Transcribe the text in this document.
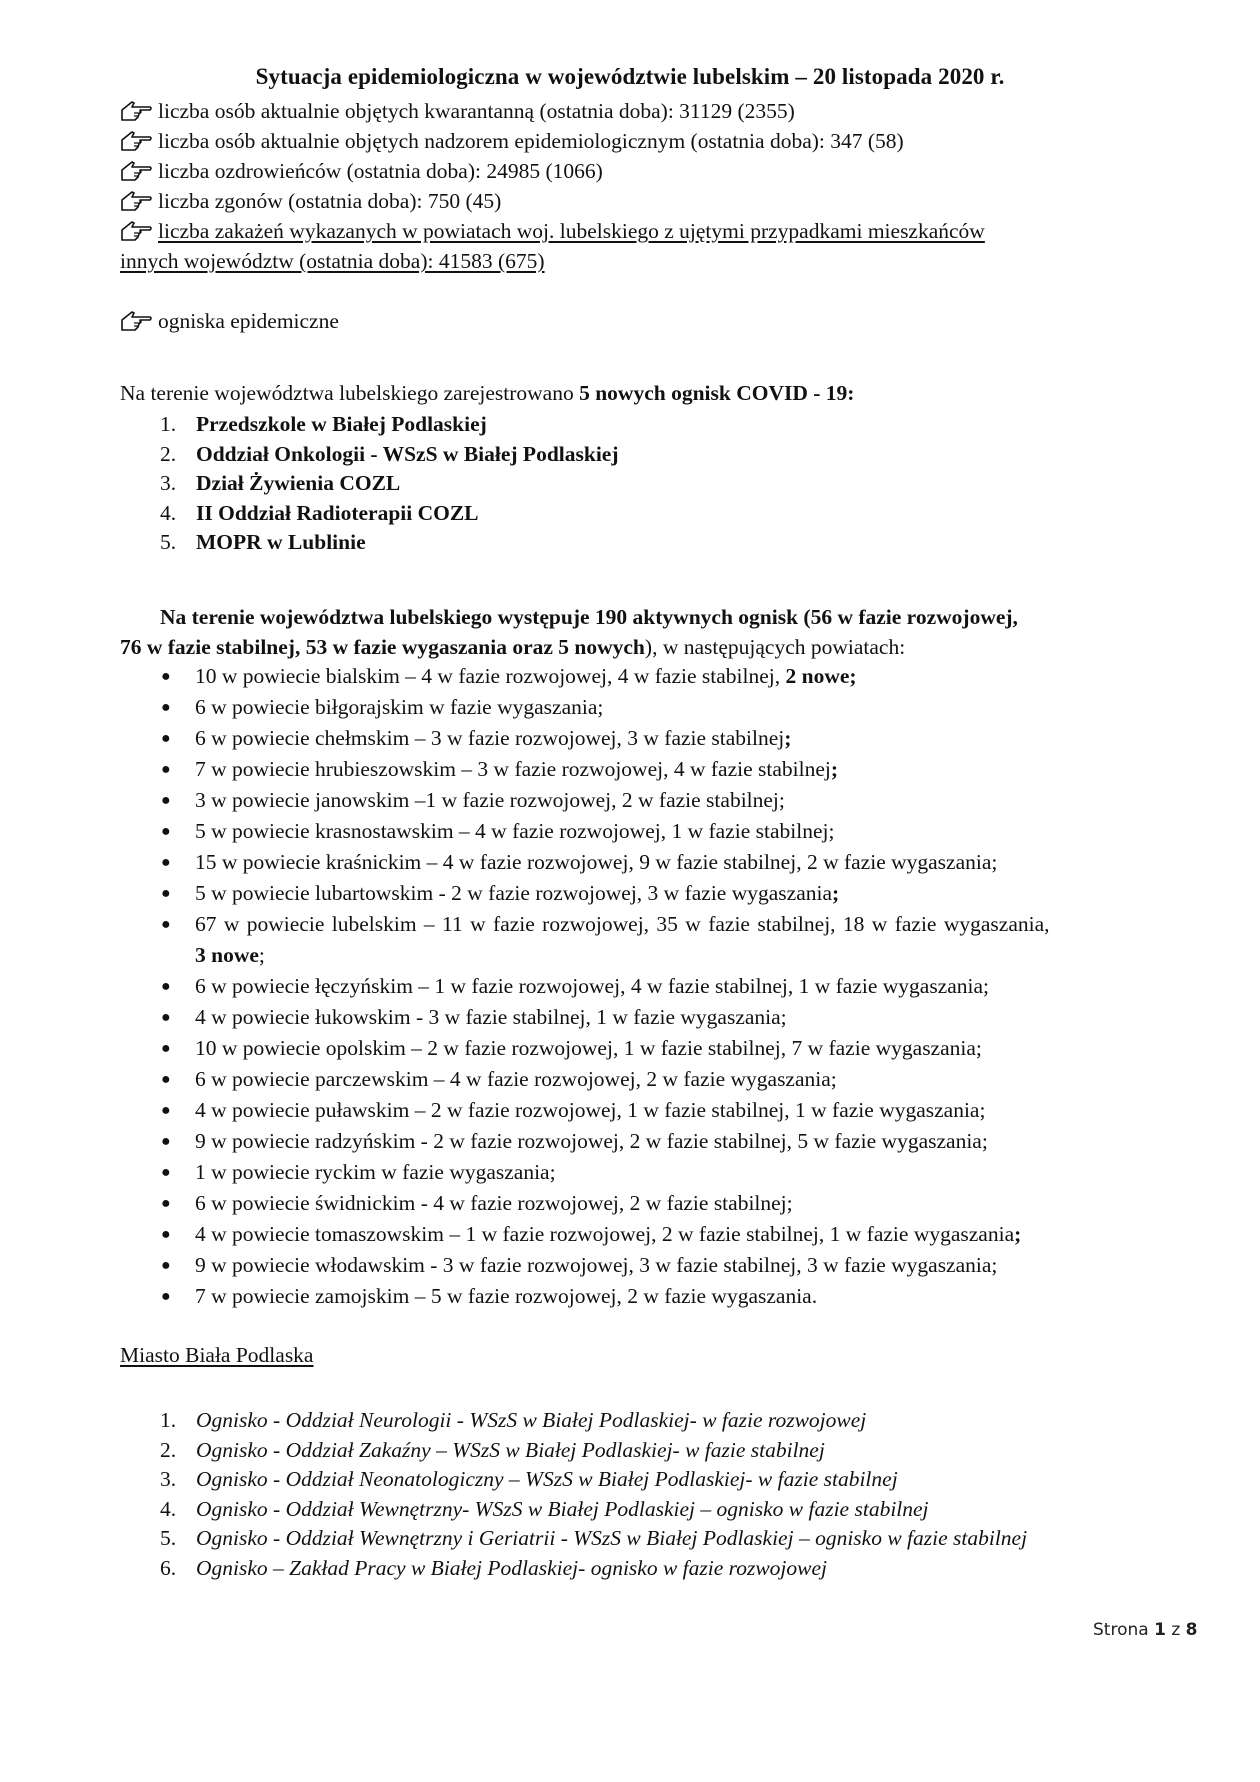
Sytuacja epidemiologiczna w województwie lubelskim – 20 listopada 2020 r.
liczba osób aktualnie objętych kwarantanną (ostatnia doba): 31129 (2355)
liczba osób aktualnie objętych nadzorem epidemiologicznym (ostatnia doba): 347 (58)
liczba ozdrowieńców (ostatnia doba): 24985 (1066)
liczba zgonów (ostatnia doba): 750 (45)
liczba zakażeń wykazanych w powiatach woj. lubelskiego z ujętymi przypadkami mieszkańców
innych województw (ostatnia doba): 41583 (675)
ogniska epidemiczne
Na terenie województwa lubelskiego zarejestrowano 5 nowych ognisk COVID - 19:
1. Przedszkole w Białej Podlaskiej
2. Oddział Onkologii - WSzS w Białej Podlaskiej
3. Dział Żywienia COZL
4. II Oddział Radioterapii COZL
5. MOPR w Lublinie
Na terenie województwa lubelskiego występuje 190 aktywnych ognisk (56 w fazie rozwojowej,
76 w fazie stabilnej, 53 w fazie wygaszania oraz 5 nowych), w następujących powiatach:
● 10 w powiecie bialskim – 4 w fazie rozwojowej, 4 w fazie stabilnej, 2 nowe;
● 6 w powiecie biłgorajskim w fazie wygaszania;
● 6 w powiecie chełmskim – 3 w fazie rozwojowej, 3 w fazie stabilnej;
● 7 w powiecie hrubieszowskim – 3 w fazie rozwojowej, 4 w fazie stabilnej;
● 3 w powiecie janowskim –1 w fazie rozwojowej, 2 w fazie stabilnej;
● 5 w powiecie krasnostawskim – 4 w fazie rozwojowej, 1 w fazie stabilnej;
● 15 w powiecie kraśnickim – 4 w fazie rozwojowej, 9 w fazie stabilnej, 2 w fazie wygaszania;
● 5 w powiecie lubartowskim - 2 w fazie rozwojowej, 3 w fazie wygaszania;
● 67 w powiecie lubelskim – 11 w fazie rozwojowej, 35 w fazie stabilnej, 18 w fazie wygaszania,
3 nowe;
● 6 w powiecie łęczyńskim – 1 w fazie rozwojowej, 4 w fazie stabilnej, 1 w fazie wygaszania;
● 4 w powiecie łukowskim - 3 w fazie stabilnej, 1 w fazie wygaszania;
● 10 w powiecie opolskim – 2 w fazie rozwojowej, 1 w fazie stabilnej, 7 w fazie wygaszania;
● 6 w powiecie parczewskim – 4 w fazie rozwojowej, 2 w fazie wygaszania;
● 4 w powiecie puławskim – 2 w fazie rozwojowej, 1 w fazie stabilnej, 1 w fazie wygaszania;
● 9 w powiecie radzyńskim - 2 w fazie rozwojowej, 2 w fazie stabilnej, 5 w fazie wygaszania;
● 1 w powiecie ryckim w fazie wygaszania;
● 6 w powiecie świdnickim - 4 w fazie rozwojowej, 2 w fazie stabilnej;
● 4 w powiecie tomaszowskim – 1 w fazie rozwojowej, 2 w fazie stabilnej, 1 w fazie wygaszania;
● 9 w powiecie włodawskim - 3 w fazie rozwojowej, 3 w fazie stabilnej, 3 w fazie wygaszania;
● 7 w powiecie zamojskim – 5 w fazie rozwojowej, 2 w fazie wygaszania.
Miasto Biała Podlaska
1. Ognisko - Oddział Neurologii - WSzS w Białej Podlaskiej- w fazie rozwojowej
2. Ognisko - Oddział Zakaźny – WSzS w Białej Podlaskiej- w fazie stabilnej
3. Ognisko - Oddział Neonatologiczny – WSzS w Białej Podlaskiej- w fazie stabilnej
4. Ognisko - Oddział Wewnętrzny- WSzS w Białej Podlaskiej – ognisko w fazie stabilnej
5. Ognisko - Oddział Wewnętrzny i Geriatrii - WSzS w Białej Podlaskiej – ognisko w fazie stabilnej
6. Ognisko – Zakład Pracy w Białej Podlaskiej- ognisko w fazie rozwojowej
Strona 1 z 8
